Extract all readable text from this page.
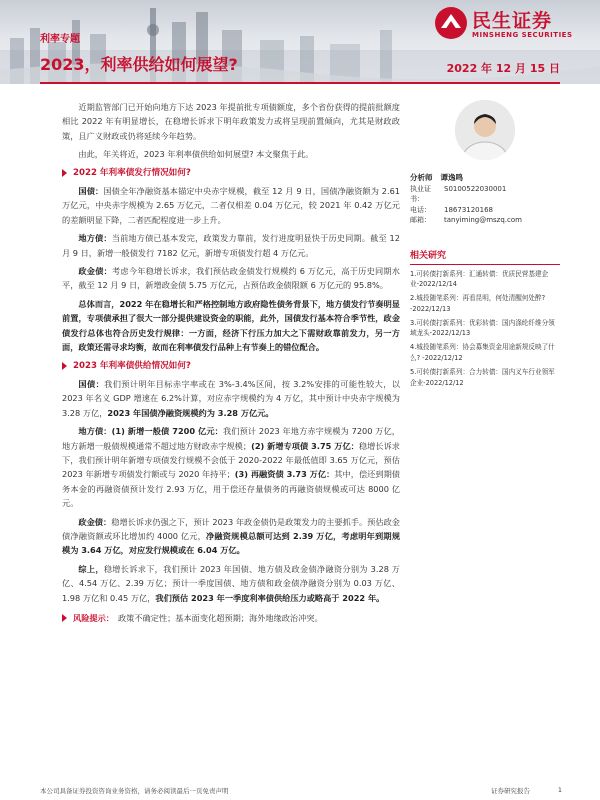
利率专题
民生证券
MINSHENG SECURITIES
2023，利率供给如何展望?	2022 年 12 月 15 日

近期监管部门已开始向地方下达 2023 年提前批专项债额度，多个省份获得的提前批额度相比 2022 年有明显增长，在稳增长诉求下明年政策发力或将呈现前置倾向，尤其是财政政策，且广义财政或仍将延续今年趋势。

由此，年关将近，2023 年利率债供给如何展望? 本文聚焦于此。

2022 年利率债发行情况如何?

国债：国债全年净融资基本锚定中央赤字规模，截至 12 月 9 日，国债净融资额为 2.61 万亿元，中央赤字规模为 2.65 万亿元，二者仅相差 0.04 万亿元，较 2021 年 0.42 万亿元的差额明显下降，二者匹配程度进一步上升。

地方债：当前地方债已基本发完，政策发力靠前，发行进度明显快于历史同期。截至 12 月 9 日，新增一般债发行 7182 亿元，新增专项债发行超 4 万亿元。

政金债：考虑今年稳增长诉求，我们预估政金债发行规模约 6 万亿元，高于历史同期水平，截至 12 月 9 日，新增政金债 5.75 万亿元，占预估政金债限额 6 万亿元的 95.8%。

总体而言，2022 年在稳增长和严格控制地方政府隐性债务背景下，地方债发行节奏明显前置，专项债承担了很大一部分提供建设资金的职能，此外，国债发行基本符合季节性，政金债发行总体也符合历史发行规律：一方面，经济下行压力加大之下需财政靠前发力，另一方面，政策还需寻求均衡，故而在利率债发行品种上有节奏上的错位配合。

2023 年利率债供给情况如何?

国债：我们预计明年目标赤字率或在 3%-3.4%区间，按 3.2%安排的可能性较大，以 2023 年名义 GDP 增速在 6.2%计算，对应赤字规模约为 4 万亿，其中预计中央赤字规模为 3.28 万亿，2023 年国债净融资规模约为 3.28 万亿元。

地方债：(1) 新增一般债 7200 亿元：我们预计 2023 年地方赤字规模为 7200 万亿，地方新增一般债规模通常不超过地方财政赤字规模；(2) 新增专项债 3.75 万亿：稳增长诉求下，我们预计明年新增专项债发行规模不会低于 2020-2022 年最低值即 3.65 万亿元，预估 2023 年新增专项债发行额或与 2020 年持平；(3) 再融资债 3.73 万亿：其中，偿还到期债务本金的再融资债预计发行 2.93 万亿，用于偿还存量债务的再融资债规模或可达 8000 亿元。

政金债：稳增长诉求仍强之下，预计 2023 年政金债仍是政策发力的主要抓手。预估政金债净融资额或环比增加约 4000 亿元，净融资规模总额可达到 2.39 万亿，考虑明年到期规模为 3.64 万亿，对应发行规模或在 6.04 万亿。

综上，稳增长诉求下，我们预计 2023 年国债、地方债及政金债净融资分别为 3.28 万亿、4.54 万亿、2.39 万亿；预计一季度国债、地方债和政金债净融资分别为 0.03 万亿、1.98 万亿和 0.45 万亿，我们预估 2023 年一季度利率债供给压力或略高于 2022 年。

风险提示： 政策不确定性；基本面变化超预期；海外地缘政治冲突。
分析师 谭逸鸣
执业证书：
S0100522030001
电话：	18673120168
邮箱：	tanyiming@mszq.com
相关研究
1.可转债打新系列：汇通转债：优质民营基建企业-2022/12/14
2.城投随笔系列：再看昆明，何处清醒何处醉? -2022/12/13
3.可转债打新系列：优彩转债：国内涤纶纤维分领域龙头-2022/12/13
4.城投随笔系列：协会募集资金用途新规反映了什么? -2022/12/12
5.可转债打新系列：合力转债：国内叉车行业领军企业-2022/12/12
本公司具备证券投资咨询业务资格，请务必阅读最后一页免责声明	证券研究报告	1
